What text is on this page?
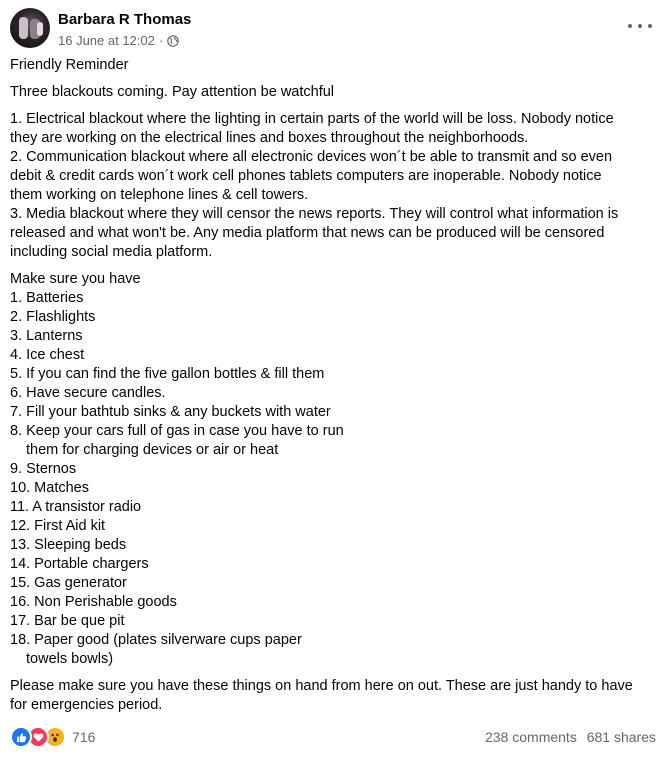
Barbara R Thomas
16 June at 12:02 ·
Friendly Reminder
Three blackouts coming. Pay attention be watchful
1. Electrical blackout where the lighting in certain parts of the world will be loss. Nobody notice
they are working on the electrical lines and boxes throughout the neighborhoods.
2. Communication blackout where all electronic devices won´t be able to transmit and so even
debit & credit cards won´t work cell phones tablets computers are inoperable. Nobody notice
them working on telephone lines & cell towers.
3. Media blackout where they will censor the news reports. They will control what information is
released and what won't be. Any media platform that news can be produced will be censored
including social media platform.
Make sure you have
1. Batteries
2. Flashlights
3. Lanterns
4. Ice chest
5. If you can find the five gallon bottles & fill them
6. Have secure candles.
7. Fill your bathtub sinks & any buckets with water
8. Keep your cars full of gas in case you have to run
them for charging devices or air or heat
9. Sternos
10. Matches
11. A transistor radio
12. First Aid kit
13. Sleeping beds
14. Portable chargers
15. Gas generator
16. Non Perishable goods
17. Bar be que pit
18. Paper good (plates silverware cups paper
towels bowls)
Please make sure you have these things on hand from here on out. These are just handy to have
for emergencies period.
716	238 comments 681 shares
